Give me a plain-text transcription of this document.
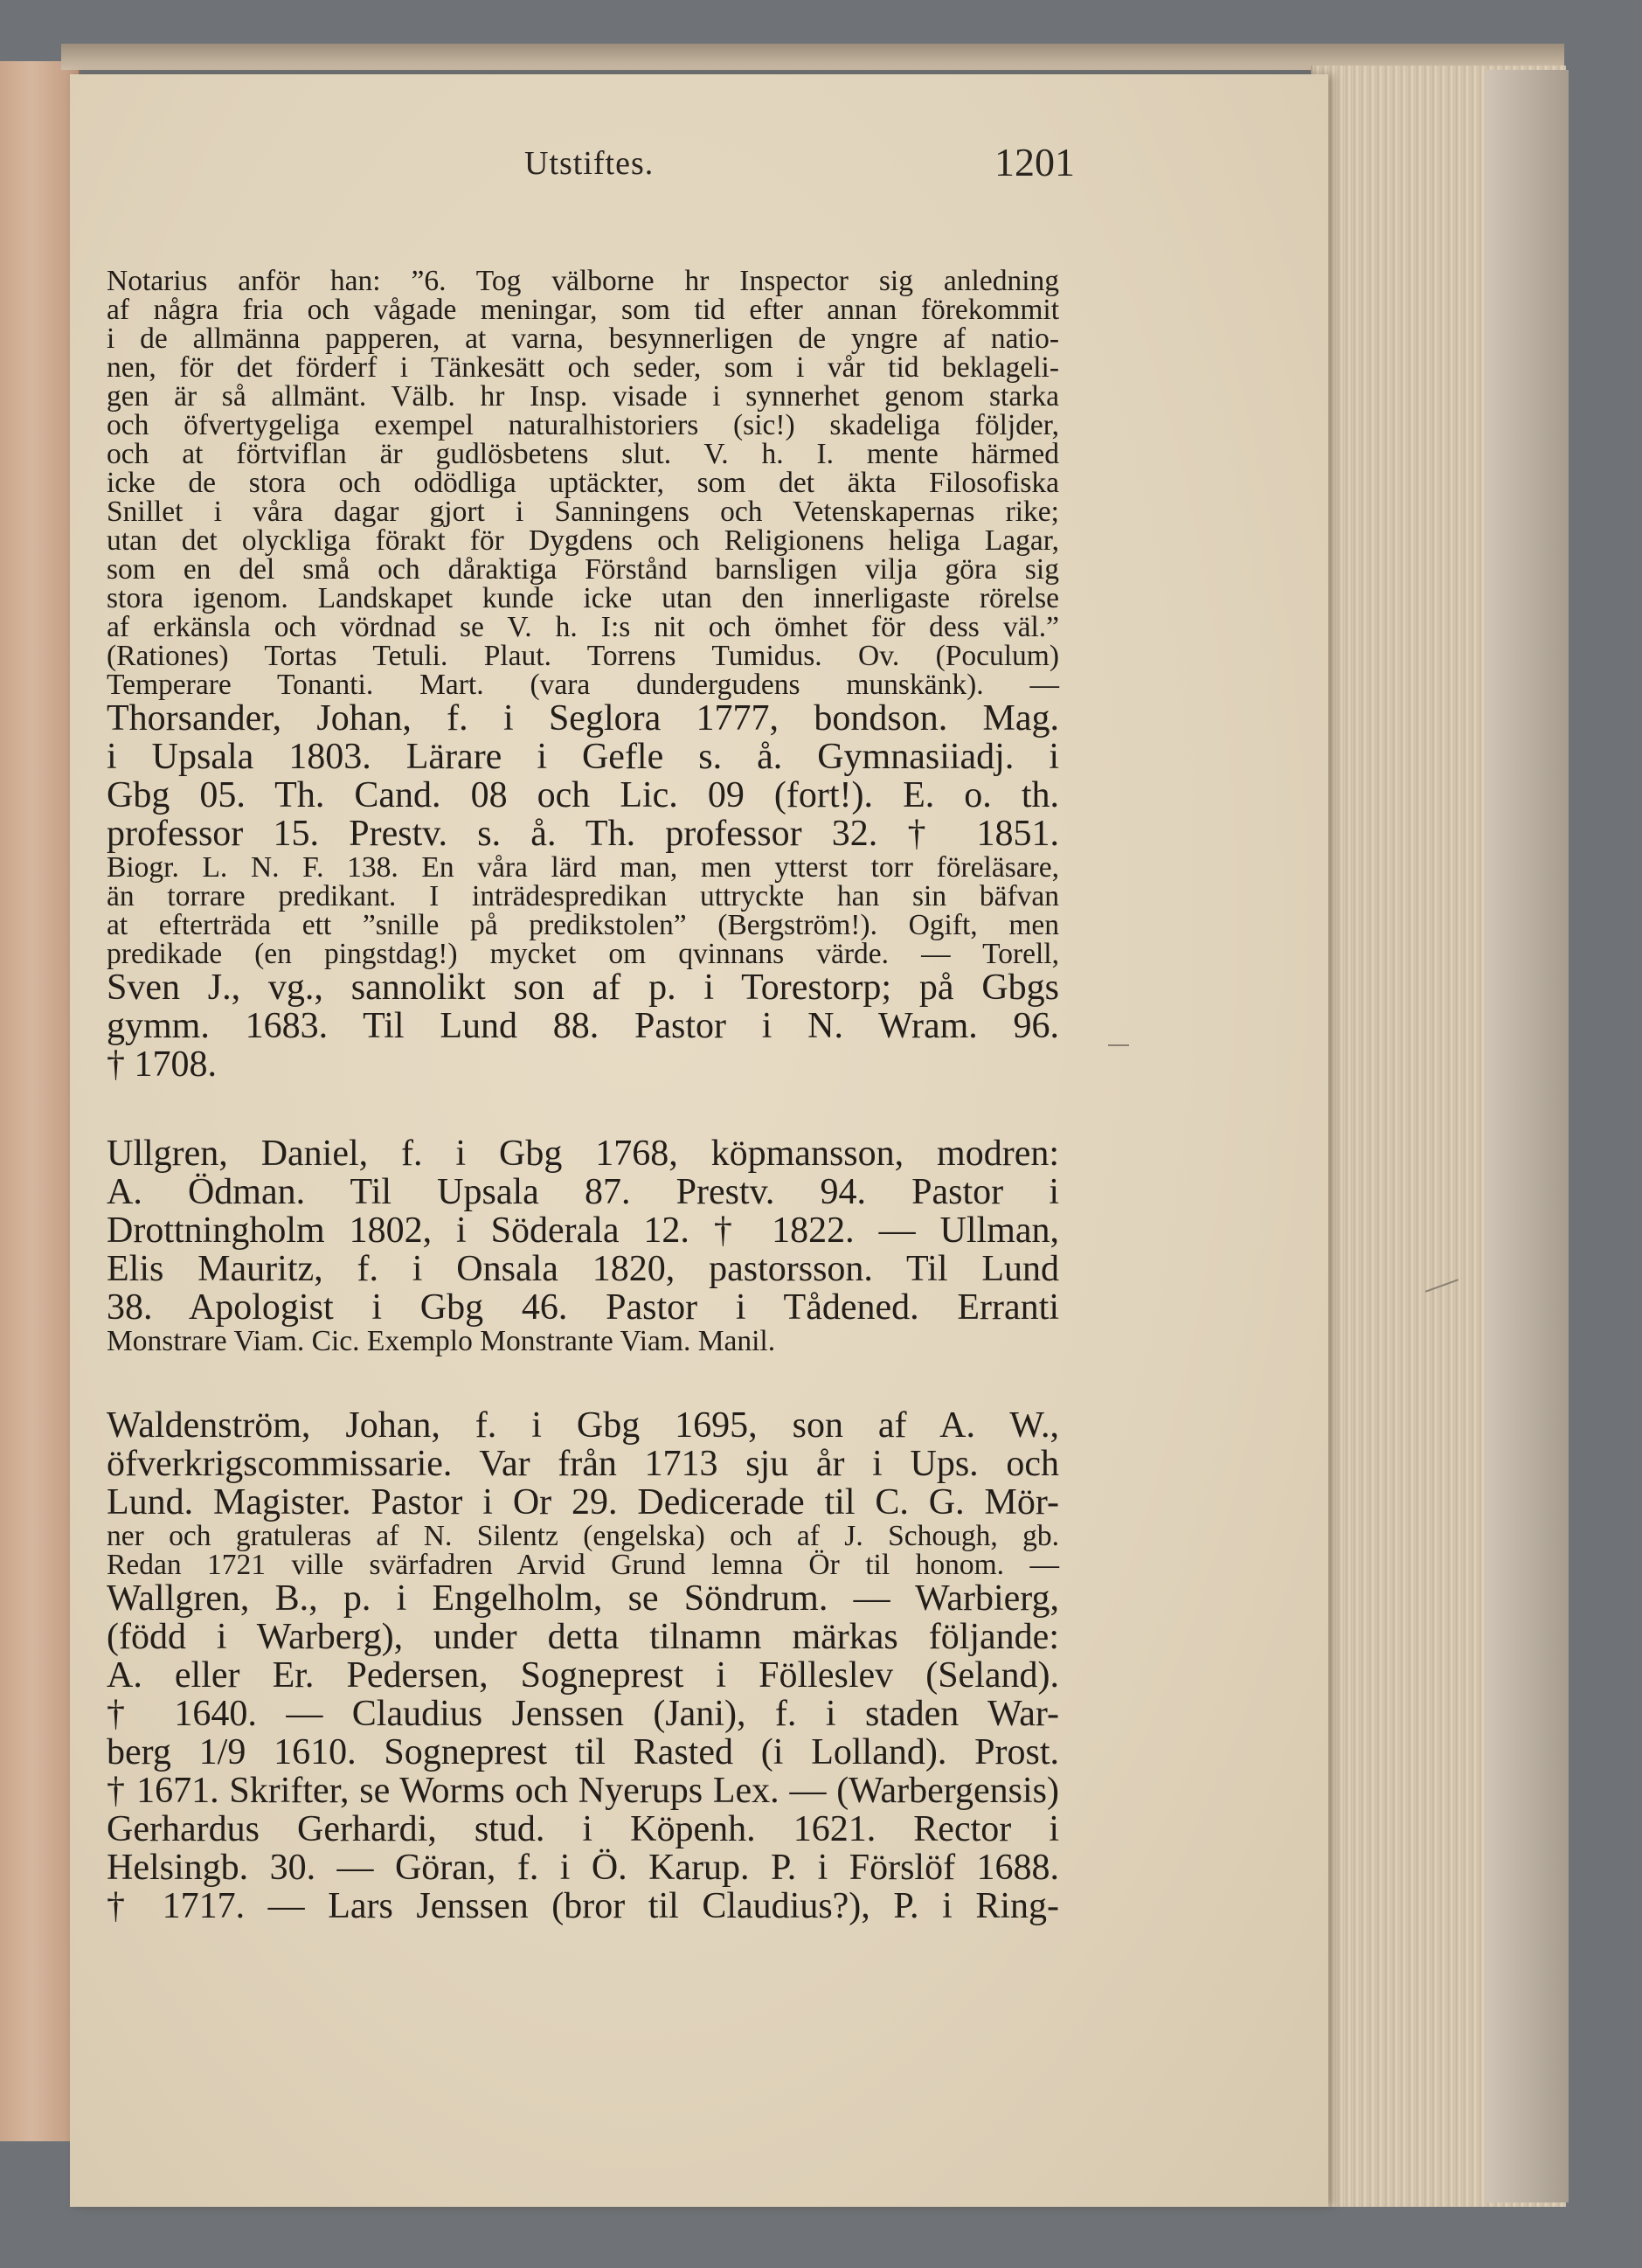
Utstiftes.	1201
Notarius anför han: ”6. Tog välborne hr Inspector sig anledning
af några fria och vågade meningar, som tid efter annan förekommit
i de allmänna papperen, at varna, besynnerligen de yngre af natio-
nen, för det förderf i Tänkesätt och seder, som i vår tid beklageli-
gen är så allmänt. Välb. hr Insp. visade i synnerhet genom starka
och öfvertygeliga exempel naturalhistoriers (sic!) skadeliga följder,
och at förtviflan är gudlösbetens slut. V. h. I. mente härmed
icke de stora och odödliga uptäckter, som det äkta Filosofiska
Snillet i våra dagar gjort i Sanningens och Vetenskapernas rike;
utan det olyckliga förakt för Dygdens och Religionens heliga Lagar,
som en del små och dåraktiga Förstånd barnsligen vilja göra sig
stora igenom. Landskapet kunde icke utan den innerligaste rörelse
af erkänsla och vördnad se V. h. I:s nit och ömhet för dess väl.”
(Rationes) Tortas Tetuli. Plaut. Torrens Tumidus. Ov. (Poculum)
Temperare Tonanti. Mart. (vara dundergudens munskänk). —
Thorsander, Johan, f. i Seglora 1777, bondson. Mag.
i Upsala 1803. Lärare i Gefle s. å. Gymnasiiadj. i
Gbg 05. Th. Cand. 08 och Lic. 09 (fort!). E. o. th.
professor 15. Prestv. s. å. Th. professor 32. † 1851.
Biogr. L. N. F. 138. En våra lärd man, men ytterst torr föreläsare,
än torrare predikant. I inträdespredikan uttryckte han sin bäfvan
at efterträda ett ”snille på predikstolen” (Bergström!). Ogift, men
predikade (en pingstdag!) mycket om qvinnans värde. — Torell,
Sven J., vg., sannolikt son af p. i Torestorp; på Gbgs
gymm. 1683. Til Lund 88. Pastor i N. Wram. 96.
† 1708.
Ullgren, Daniel, f. i Gbg 1768, köpmansson, modren:
A. Ödman. Til Upsala 87. Prestv. 94. Pastor i
Drottningholm 1802, i Söderala 12. † 1822. — Ullman,
Elis Mauritz, f. i Onsala 1820, pastorsson. Til Lund
38. Apologist i Gbg 46. Pastor i Tådened. Erranti
Monstrare Viam. Cic. Exemplo Monstrante Viam. Manil.
Waldenström, Johan, f. i Gbg 1695, son af A. W.,
öfverkrigscommissarie. Var från 1713 sju år i Ups. och
Lund. Magister. Pastor i Or 29. Dedicerade til C. G. Mör-
ner och gratuleras af N. Silentz (engelska) och af J. Schough, gb.
Redan 1721 ville svärfadren Arvid Grund lemna Ör til honom. —
Wallgren, B., p. i Engelholm, se Söndrum. — Warbierg,
(född i Warberg), under detta tilnamn märkas följande:
A. eller Er. Pedersen, Sogneprest i Fölleslev (Seland).
† 1640. — Claudius Jenssen (Jani), f. i staden War-
berg 1/9 1610. Sogneprest til Rasted (i Lolland). Prost.
† 1671. Skrifter, se Worms och Nyerups Lex. — (Warbergensis)
Gerhardus Gerhardi, stud. i Köpenh. 1621. Rector i
Helsingb. 30. — Göran, f. i Ö. Karup. P. i Förslöf 1688.
† 1717. — Lars Jenssen (bror til Claudius?), P. i Ring-
